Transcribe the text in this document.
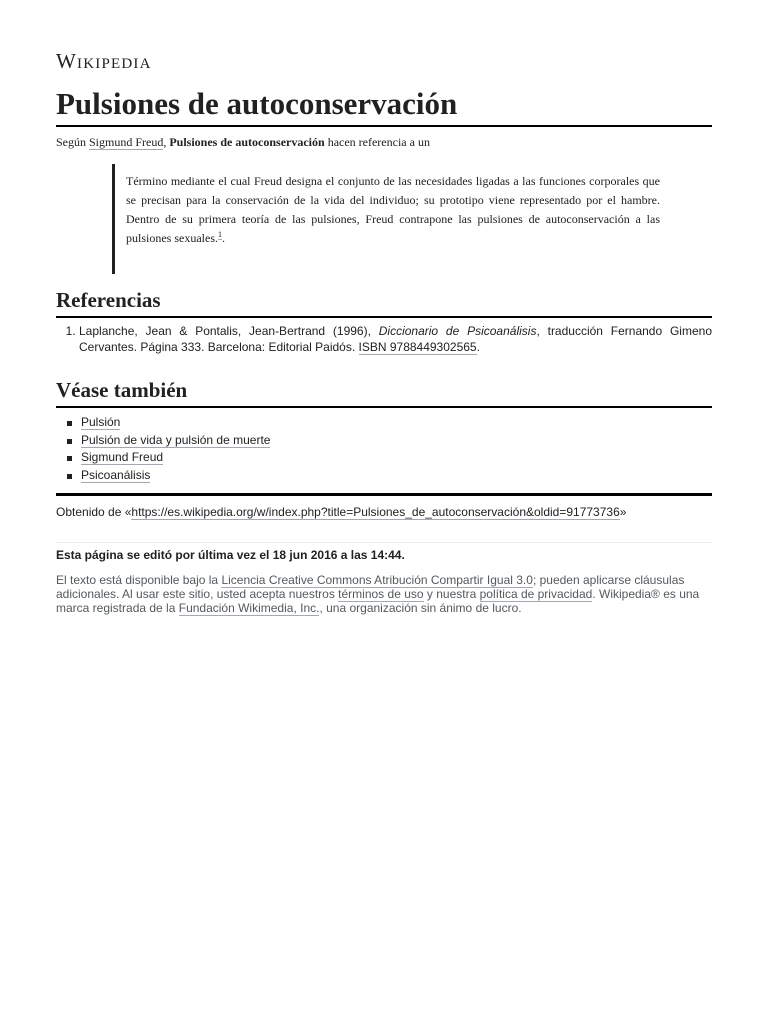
Wikipedia
Pulsiones de autoconservación

Según Sigmund Freud, Pulsiones de autoconservación hacen referencia a un

Término mediante el cual Freud designa el conjunto de las necesidades ligadas a las funciones corporales que se precisan para la conservación de la vida del individuo; su prototipo viene representado por el hambre. Dentro de su primera teoría de las pulsiones, Freud contrapone las pulsiones de autoconservación a las pulsiones sexuales.$^1$.
Referencias
1. Laplanche, Jean & Pontalis, Jean-Bertrand (1996), Diccionario de Psicoanálisis, traducción Fernando Gimeno Cervantes. Página 333. Barcelona: Editorial Paidós. ISBN 9788449302565.
Véase también
Pulsión
Pulsión de vida y pulsión de muerte
Sigmund Freud
Psicoanálisis
Obtenido de «https://es.wikipedia.org/w/index.php?title=Pulsiones_de_autoconservación&oldid=91773736»
Esta página se editó por última vez el 18 jun 2016 a las 14:44.
El texto está disponible bajo la Licencia Creative Commons Atribución Compartir Igual 3.0; pueden aplicarse cláusulas adicionales. Al usar este sitio, usted acepta nuestros términos de uso y nuestra política de privacidad. Wikipedia® es una marca registrada de la Fundación Wikimedia, Inc., una organización sin ánimo de lucro.
